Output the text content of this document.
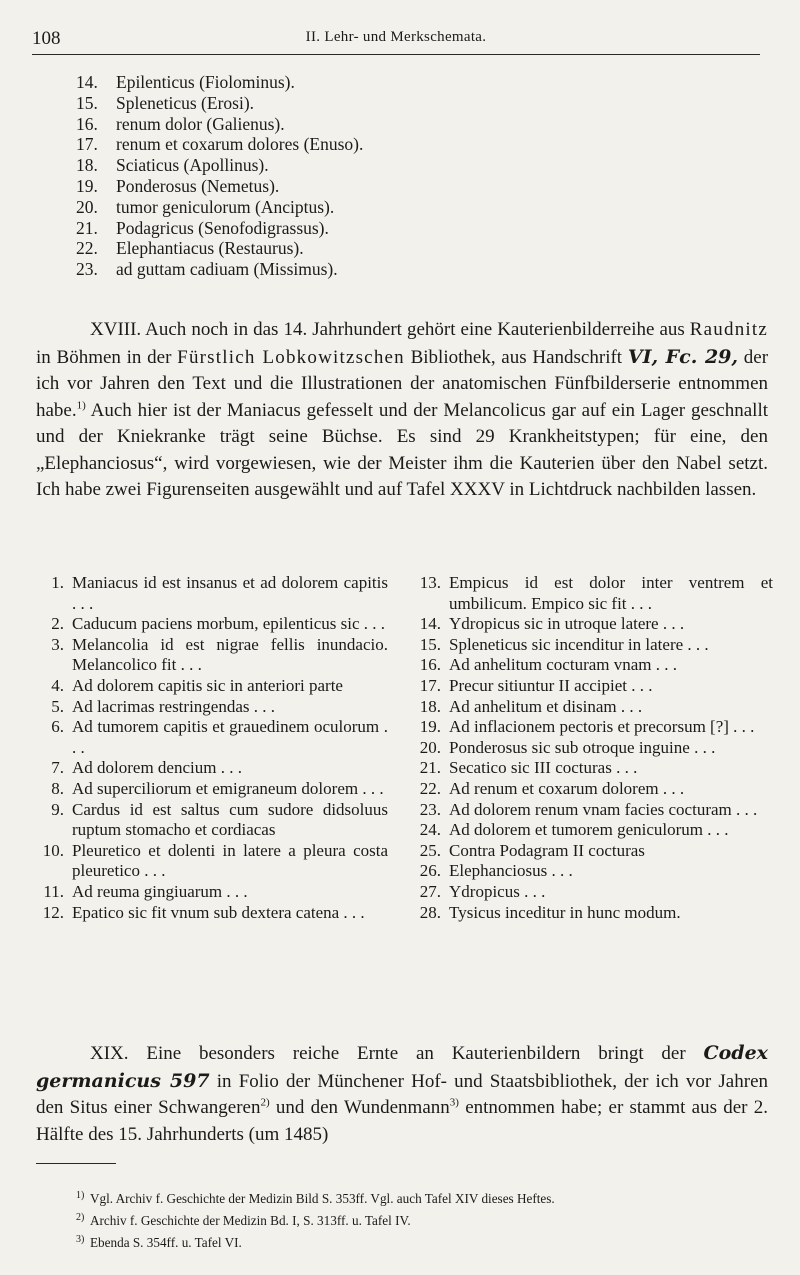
108	II. Lehr- und Merkschemata.
14. Epilenticus (Fiolominus).
15. Spleneticus (Erosi).
16. renum dolor (Galienus).
17. renum et coxarum dolores (Enuso).
18. Sciaticus (Apollinus).
19. Ponderosus (Nemetus).
20. tumor geniculorum (Anciptus).
21. Podagricus (Senofodigrassus).
22. Elephantiacus (Restaurus).
23. ad guttam cadiuam (Missimus).

XVIII. Auch noch in das 14. Jahrhundert gehört eine Kauterienbilderreihe aus Raudnitz in Böhmen in der Fürstlich Lobkowitzschen Bibliothek, aus Handschrift VI, Fc. 29, der ich vor Jahren den Text und die Illustrationen der anatomischen Fünfbilderserie entnommen habe.$^{1)}$ Auch hier ist der Maniacus gefesselt und der Melancolicus gar auf ein Lager geschnallt und der Kniekranke trägt seine Büchse. Es sind 29 Krankheitstypen; für eine, den „Elephanciosus“, wird vorgewiesen, wie der Meister ihm die Kauterien über den Nabel setzt. Ich habe zwei Figurenseiten ausgewählt und auf Tafel XXXV in Lichtdruck nachbilden lassen.

1. Maniacus id est insanus et ad dolorem capitis . . .
2. Caducum paciens morbum, epilenticus sic . . .
3. Melancolia id est nigrae fellis inundacio. Melancolico fit . . .
4. Ad dolorem capitis sic in anteriori parte
5. Ad lacrimas restringendas . . .
6. Ad tumorem capitis et grauedinem oculorum . . .
7. Ad dolorem dencium . . .
8. Ad superciliorum et emigraneum dolorem . . .
9. Cardus id est saltus cum sudore didsoluus ruptum stomacho et cordiacas
10. Pleuretico et dolenti in latere a pleura costa pleuretico . . .
11. Ad reuma gingiuarum . . .
12. Epatico sic fit vnum sub dextera catena . . .
13. Empicus id est dolor inter ventrem et umbilicum. Empico sic fit . . .
14. Ydropicus sic in utroque latere . . .
15. Spleneticus sic incenditur in latere . . .
16. Ad anhelitum cocturam vnam . . .
17. Precur sitiuntur II accipiet . . .
18. Ad anhelitum et disinam . . .
19. Ad inflacionem pectoris et precorsum [?] . . .
20. Ponderosus sic sub otroque inguine . . .
21. Secatico sic III cocturas . . .
22. Ad renum et coxarum dolorem . . .
23. Ad dolorem renum vnam facies cocturam . . .
24. Ad dolorem et tumorem geniculorum . . .
25. Contra Podagram II cocturas
26. Elephanciosus . . .
27. Ydropicus . . .
28. Tysicus inceditur in hunc modum.

XIX. Eine besonders reiche Ernte an Kauterienbildern bringt der Codex germanicus 597 in Folio der Münchener Hof- und Staatsbibliothek, der ich vor Jahren den Situs einer Schwangeren$^{2)}$ und den Wundenmann$^{3)}$ entnommen habe; er stammt aus der 2. Hälfte des 15. Jahrhunderts (um 1485)

1) Vgl. Archiv f. Geschichte der Medizin Bild S. 353ff. Vgl. auch Tafel XIV dieses Heftes.
2) Archiv f. Geschichte der Medizin Bd. I, S. 313ff. u. Tafel IV.
3) Ebenda S. 354ff. u. Tafel VI.
